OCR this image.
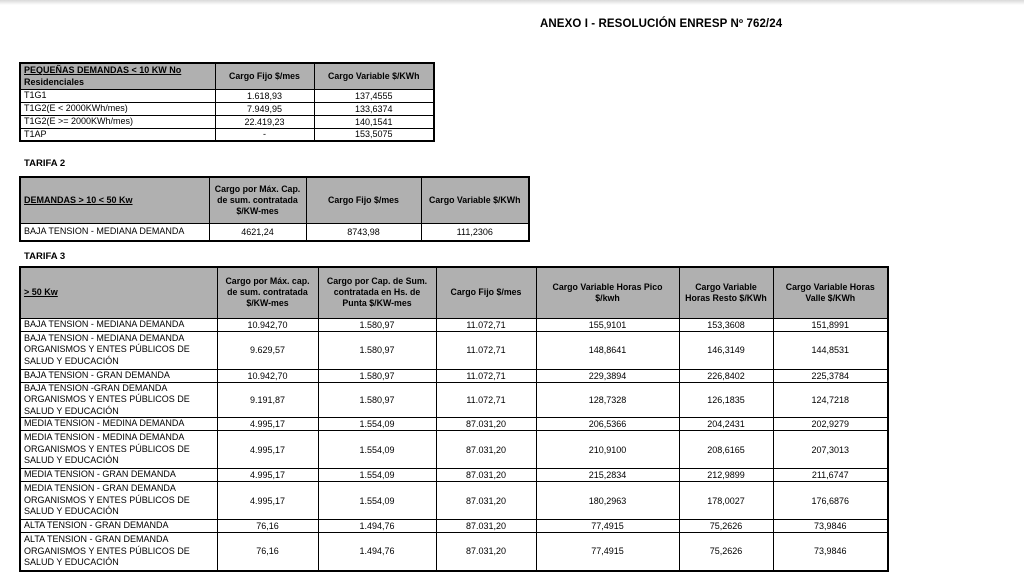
ANEXO I - RESOLUCIÓN ENRESP Nº 762/24
PEQUEÑAS DEMANDAS < 10 KW No
Residenciales	Cargo Fijo $/mes	Cargo Variable $/KWh
T1G1	1.618,93	137,4555
T1G2(E < 2000KWh/mes)	7.949,95	133,6374
T1G2(E >= 2000KWh/mes)	22.419,23	140,1541
T1AP	-	153,5075
TARIFA 2
DEMANDAS > 10 < 50 Kw	Cargo por Máx. Cap. de sum. contratada $/KW-mes	Cargo Fijo $/mes	Cargo Variable $/KWh
BAJA TENSION - MEDIANA DEMANDA	4621,24	8743,98	111,2306
TARIFA 3
> 50 Kw	Cargo por Máx. cap. de sum. contratada $/KW-mes	Cargo por Cap. de Sum. contratada en Hs. de Punta $/KW-mes	Cargo Fijo $/mes	Cargo Variable Horas Pico $/kwh	Cargo Variable Horas Resto $/KWh	Cargo Variable Horas Valle $/KWh
BAJA TENSION - MEDIANA DEMANDA	10.942,70	1.580,97	11.072,71	155,9101	153,3608	151,8991
BAJA TENSION - MEDIANA DEMANDA ORGANISMOS Y ENTES PÚBLICOS DE SALUD Y EDUCACIÓN	9.629,57	1.580,97	11.072,71	148,8641	146,3149	144,8531
BAJA TENSION - GRAN DEMANDA	10.942,70	1.580,97	11.072,71	229,3894	226,8402	225,3784
BAJA TENSION -GRAN DEMANDA ORGANISMOS Y ENTES PÚBLICOS DE SALUD Y EDUCACIÓN	9.191,87	1.580,97	11.072,71	128,7328	126,1835	124,7218
MEDIA TENSION - MEDINA DEMANDA	4.995,17	1.554,09	87.031,20	206,5366	204,2431	202,9279
MEDIA TENSION - MEDINA DEMANDA ORGANISMOS Y ENTES PÚBLICOS DE SALUD Y EDUCACIÓN	4.995,17	1.554,09	87.031,20	210,9100	208,6165	207,3013
MEDIA TENSION - GRAN DEMANDA	4.995,17	1.554,09	87.031,20	215,2834	212,9899	211,6747
MEDIA TENSION - GRAN DEMANDA ORGANISMOS Y ENTES PÚBLICOS DE SALUD Y EDUCACIÓN	4.995,17	1.554,09	87.031,20	180,2963	178,0027	176,6876
ALTA TENSION - GRAN DEMANDA	76,16	1.494,76	87.031,20	77,4915	75,2626	73,9846
ALTA TENSION - GRAN DEMANDA ORGANISMOS Y ENTES PÚBLICOS DE SALUD Y EDUCACIÓN	76,16	1.494,76	87.031,20	77,4915	75,2626	73,9846
